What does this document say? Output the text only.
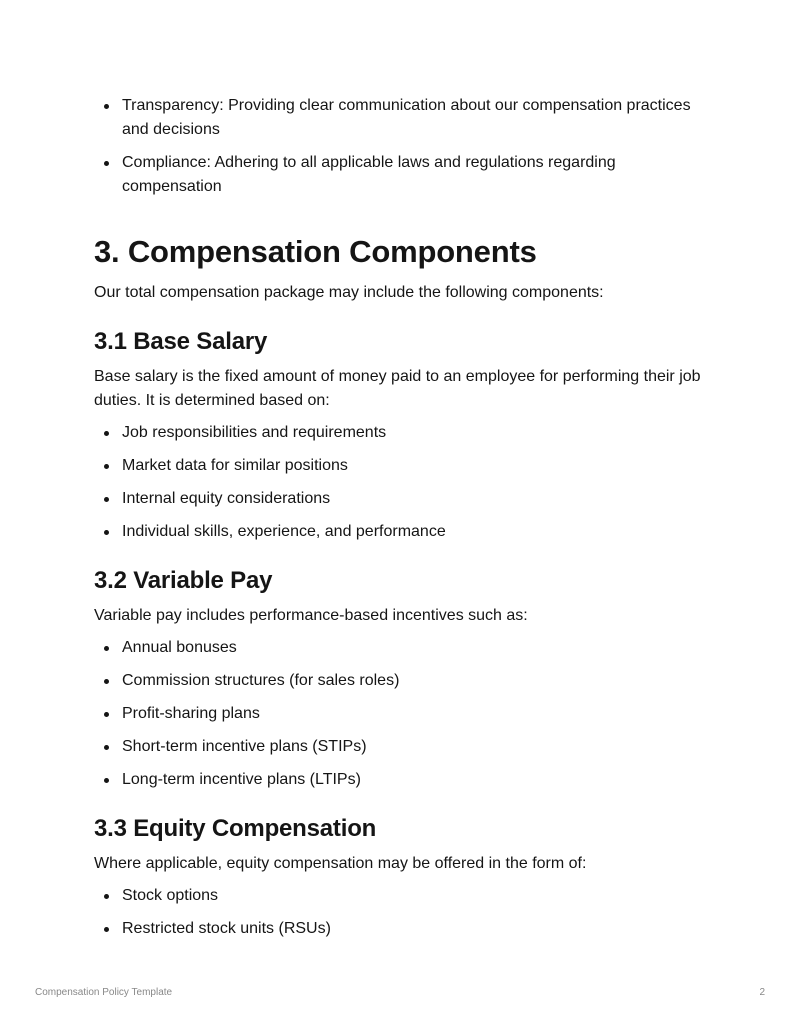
Transparency: Providing clear communication about our compensation practices and decisions
Compliance: Adhering to all applicable laws and regulations regarding compensation
3. Compensation Components

Our total compensation package may include the following components:

3.1 Base Salary

Base salary is the fixed amount of money paid to an employee for performing their job duties. It is determined based on:

Job responsibilities and requirements
Market data for similar positions
Internal equity considerations
Individual skills, experience, and performance
3.2 Variable Pay

Variable pay includes performance-based incentives such as:

Annual bonuses
Commission structures (for sales roles)
Profit-sharing plans
Short-term incentive plans (STIPs)
Long-term incentive plans (LTIPs)
3.3 Equity Compensation

Where applicable, equity compensation may be offered in the form of:

Stock options
Restricted stock units (RSUs)
Compensation Policy Template	2
